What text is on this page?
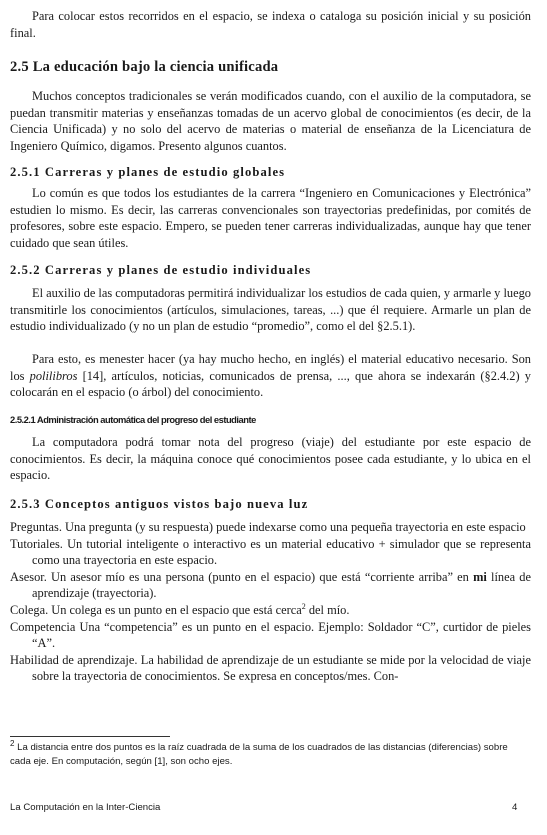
Para colocar estos recorridos en el espacio, se indexa o cataloga su posición inicial y su posición final.

2.5 La educación bajo la ciencia unificada

Muchos conceptos tradicionales se verán modificados cuando, con el auxilio de la computadora, se puedan transmitir materias y enseñanzas tomadas de un acervo global de conocimientos (es decir, de la Ciencia Unificada) y no solo del acervo de materias o material de enseñanza de la Licenciatura de Ingeniero Químico, digamos. Presento algunos cuantos.

2.5.1 Carreras y planes de estudio globales

Lo común es que todos los estudiantes de la carrera “Ingeniero en Comunicaciones y Electrónica” estudien lo mismo. Es decir, las carreras convencionales son trayectorias predefinidas, por comités de profesores, sobre este espacio. Empero, se pueden tener carreras individualizadas, aunque hay que tener cuidado que sean útiles.

2.5.2 Carreras y planes de estudio individuales

El auxilio de las computadoras permitirá individualizar los estudios de cada quien, y armarle y luego transmitirle los conocimientos (artículos, simulaciones, tareas, ...) que él requiere. Armarle un plan de estudio individualizado (y no un plan de estudio “promedio”, como el del §2.5.1).

Para esto, es menester hacer (ya hay mucho hecho, en inglés) el material educativo necesario. Son los polilibros [14], artículos, noticias, comunicados de prensa, ..., que ahora se indexarán (§2.4.2) y colocarán en el espacio (o árbol) del conocimiento.

2.5.2.1 Administración automática del progreso del estudiante

La computadora podrá tomar nota del progreso (viaje) del estudiante por este espacio de conocimientos. Es decir, la máquina conoce qué conocimientos posee cada estudiante, y lo ubica en el espacio.

2.5.3 Conceptos antiguos vistos bajo nueva luz

Preguntas. Una pregunta (y su respuesta) puede indexarse como una pequeña trayectoria en este espacio

Tutoriales. Un tutorial inteligente o interactivo es un material educativo + simulador que se representa como una trayectoria en este espacio.

Asesor. Un asesor mío es una persona (punto en el espacio) que está “corriente arriba” en mi línea de aprendizaje (trayectoria).

Colega. Un colega es un punto en el espacio que está cerca$^2$ del mío.

Competencia Una “competencia” es un punto en el espacio. Ejemplo: Soldador “C”, curtidor de pieles “A”.

Habilidad de aprendizaje. La habilidad de aprendizaje de un estudiante se mide por la velocidad de viaje sobre la trayectoria de conocimientos. Se expresa en conceptos/mes. Con-

$^2$ La distancia entre dos puntos es la raíz cuadrada de la suma de los cuadrados de las distancias (diferencias) sobre cada eje. En computación, según [1], son ocho ejes.

La Computación en la Inter-Ciencia	4
